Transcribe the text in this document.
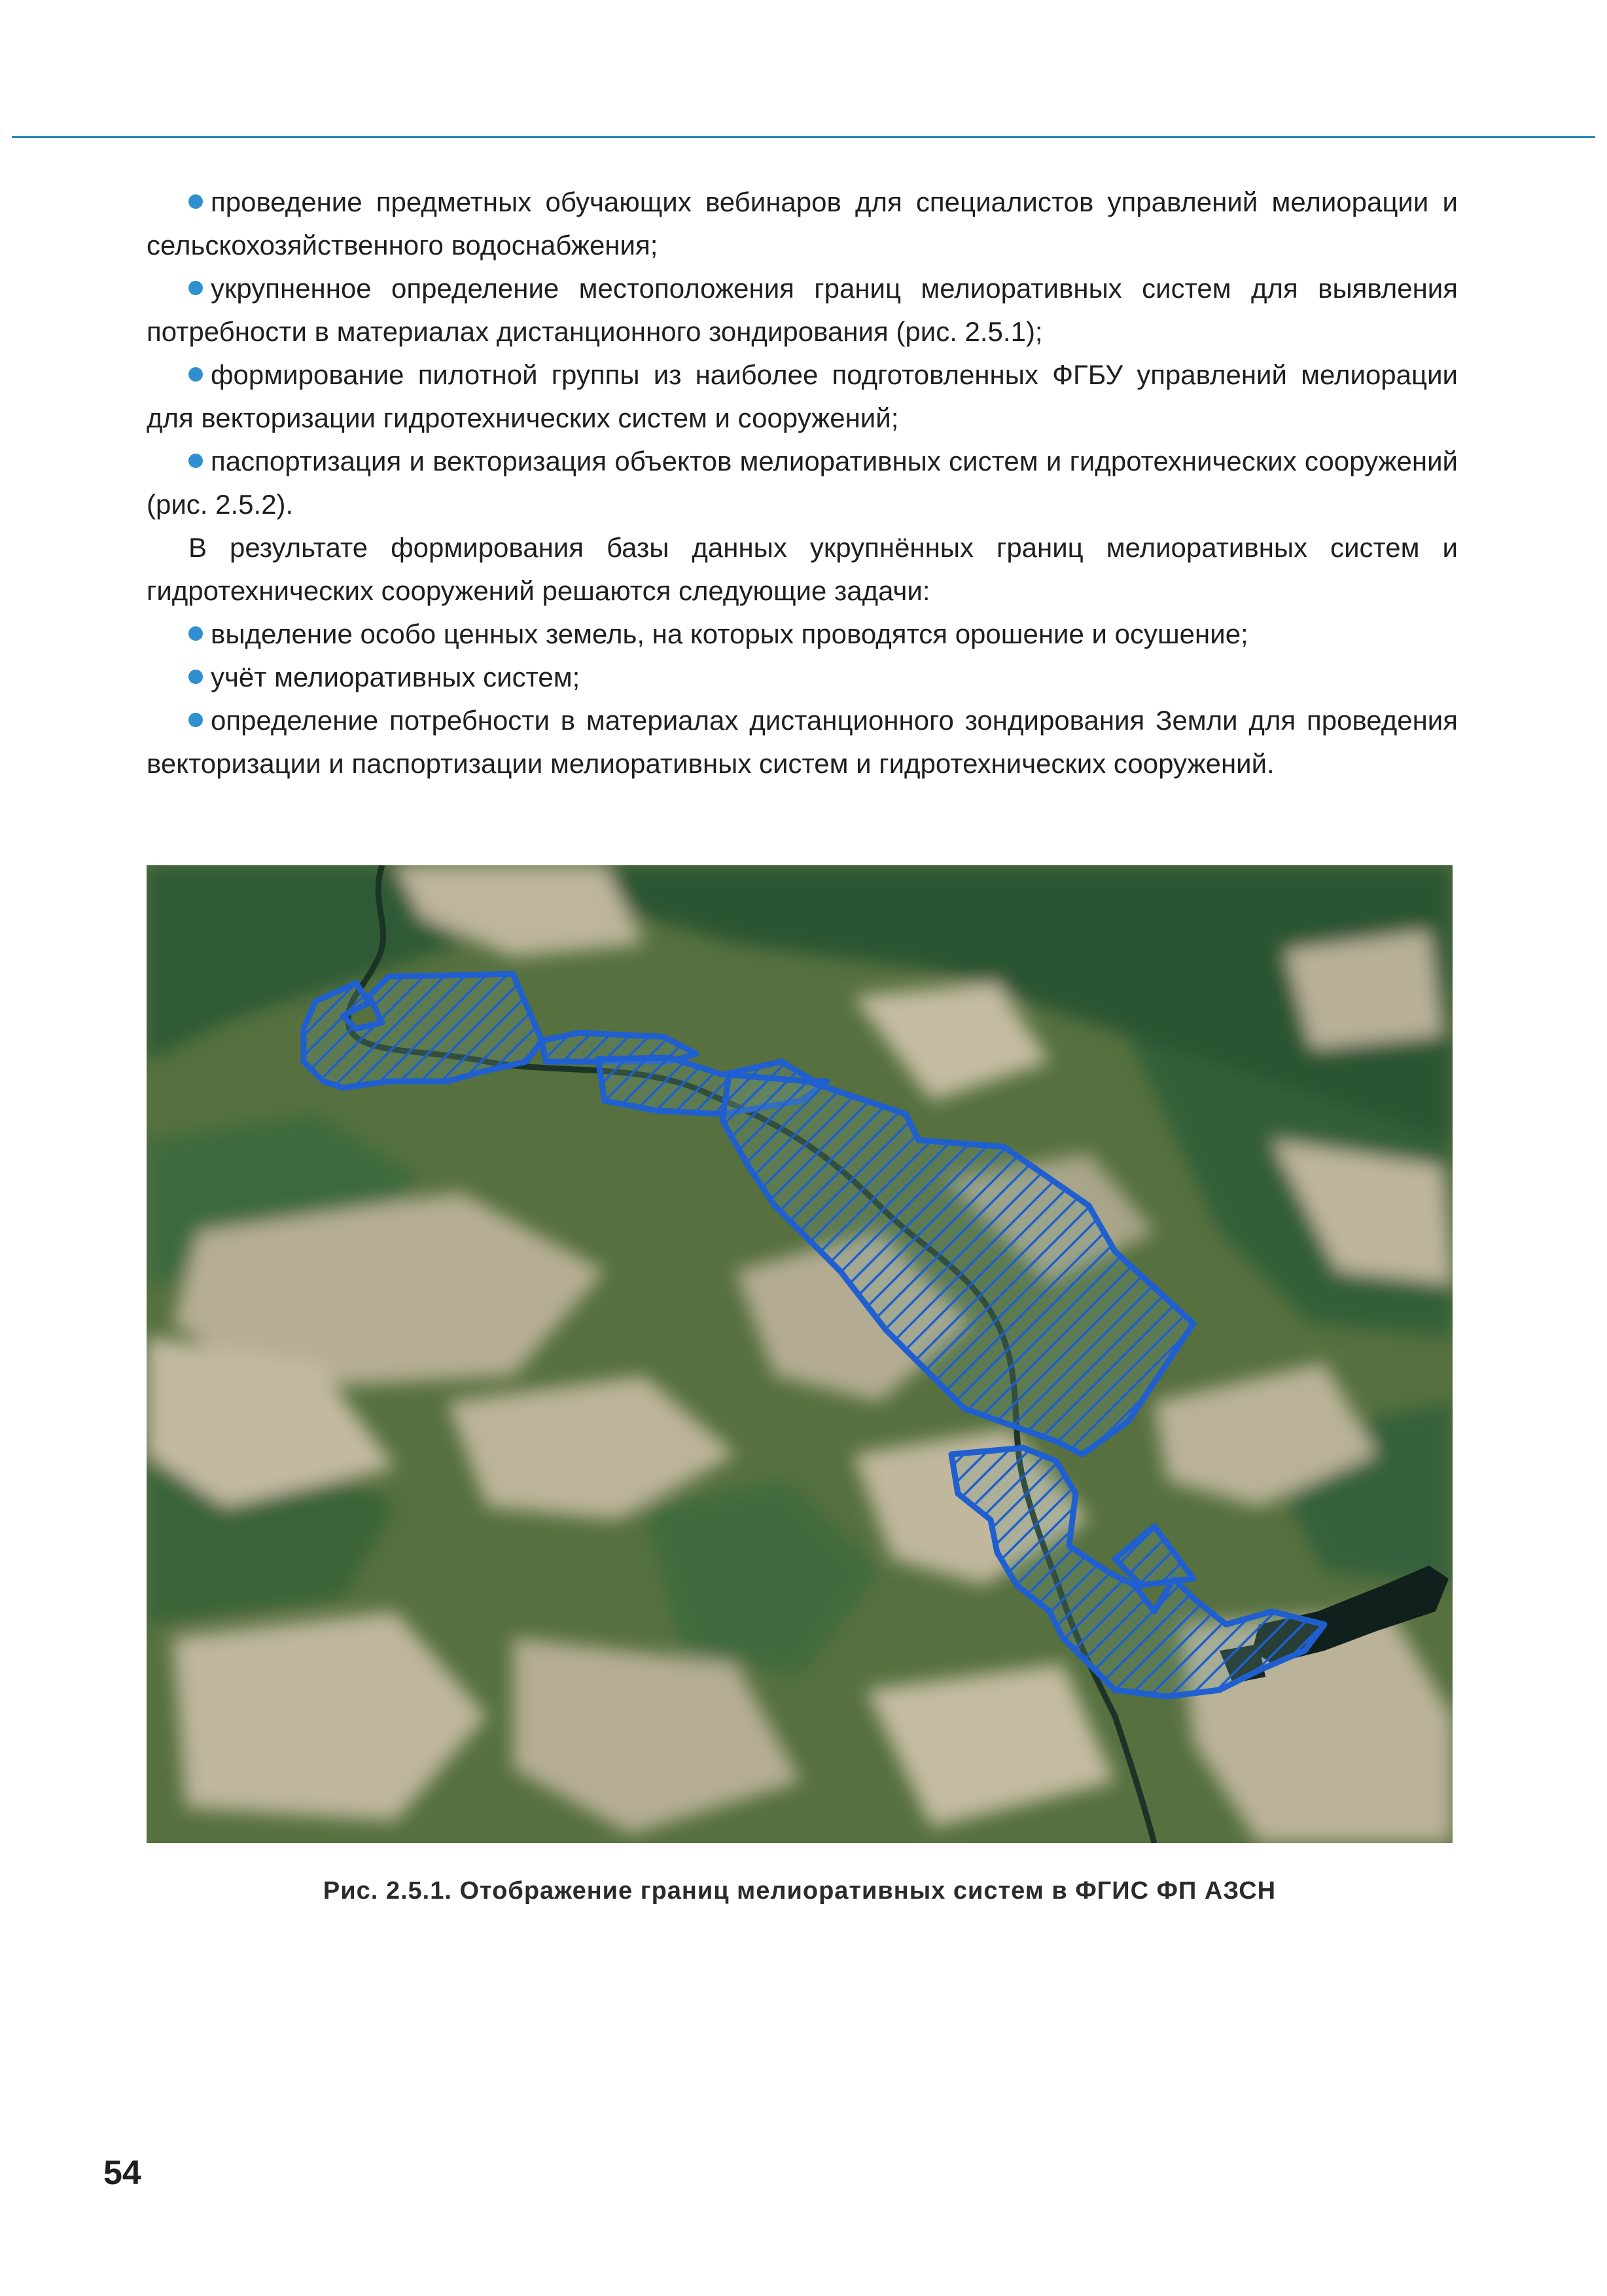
проведение предметных обучающих вебинаров для специалистов управлений мелиорации и сельскохозяйственного водоснабжения;

укрупненное определение местоположения границ мелиоративных систем для выявления потребности в материалах дистанционного зондирования (рис. 2.5.1);

формирование пилотной группы из наиболее подготовленных ФГБУ управлений мелиорации для векторизации гидротехнических систем и сооружений;

паспортизация и векторизация объектов мелиоративных систем и гидротехнических сооружений (рис. 2.5.2).

В результате формирования базы данных укрупнённых границ мелиоративных систем и гидротехнических сооружений решаются следующие задачи:

выделение особо ценных земель, на которых проводятся орошение и осушение;

учёт мелиоративных систем;

определение потребности в материалах дистанционного зондирования Земли для проведения векторизации и паспортизации мелиоративных систем и гидротехнических сооружений.

Рис. 2.5.1. Отображение границ мелиоративных систем в ФГИС ФП АЗСН
54
